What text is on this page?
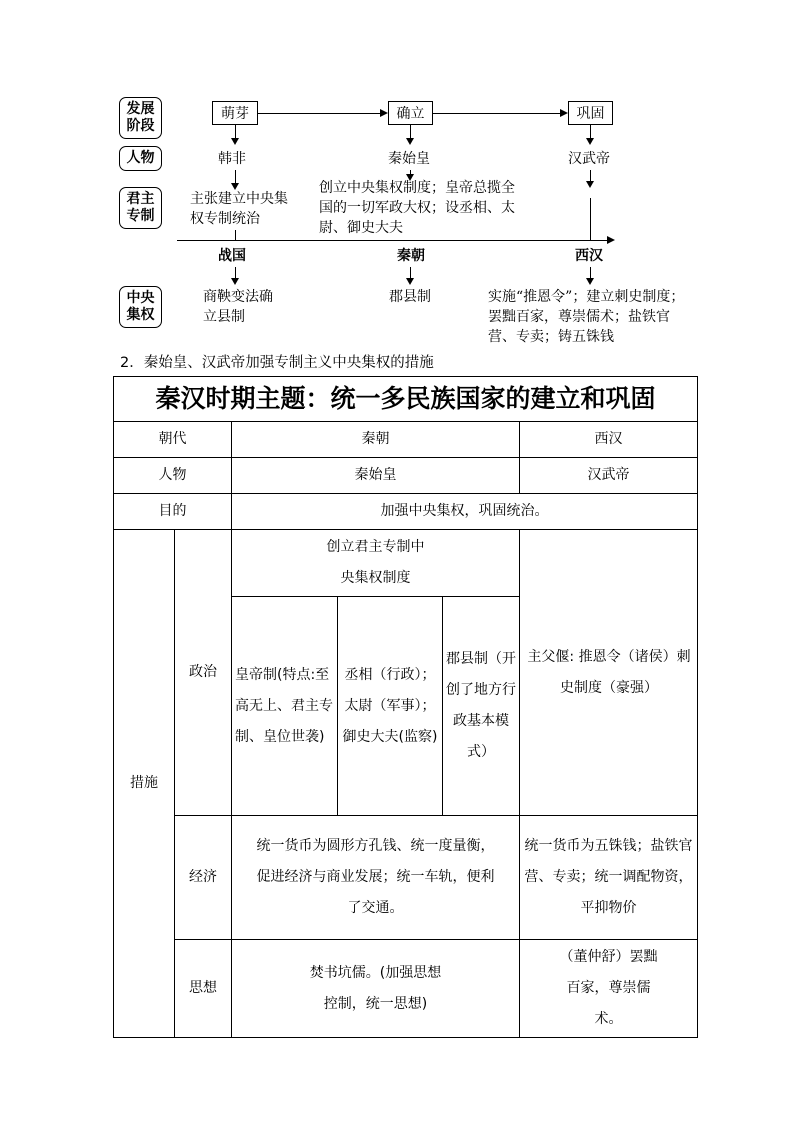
发展阶段
人物
君主专制
中央集权
萌芽	确立	巩固
韩非	秦始皇	汉武帝
主张建立中央集权专制统治
创立中央集权制度；皇帝总揽全国的一切军政大权；设丞相、太尉、御史大夫
战国	秦朝	西汉
商鞅变法确立县制
郡县制	实施“推恩令”；建立刺史制度；罢黜百家，尊崇儒术；盐铁官营、专卖；铸五铢钱
2．秦始皇、汉武帝加强专制主义中央集权的措施
秦汉时期主题：统一多民族国家的建立和巩固					
朝代		秦朝			西汉
人物		秦始皇			汉武帝
目的		加强中央集权，巩固统治。			
措施	政治	创立君主专制中央集权制度			主父偃: 推恩令（诸侯）刺史制度（豪强）

		皇帝制(特点:至高无上、君主专制、皇位世袭)	丞相（行政）；太尉（军事）；御史大夫(监察)	郡县制（开创了地方行政基本模式）	
	经济	统一货币为圆形方孔钱、统一度量衡，促进经济与商业发展；统一车轨，便利了交通。			统一货币为五铢钱；盐铁官营、专卖；统一调配物资，平抑物价
	思想	焚书坑儒。(加强思想控制，统一思想)			（董仲舒）罢黜百家，尊崇儒术。
